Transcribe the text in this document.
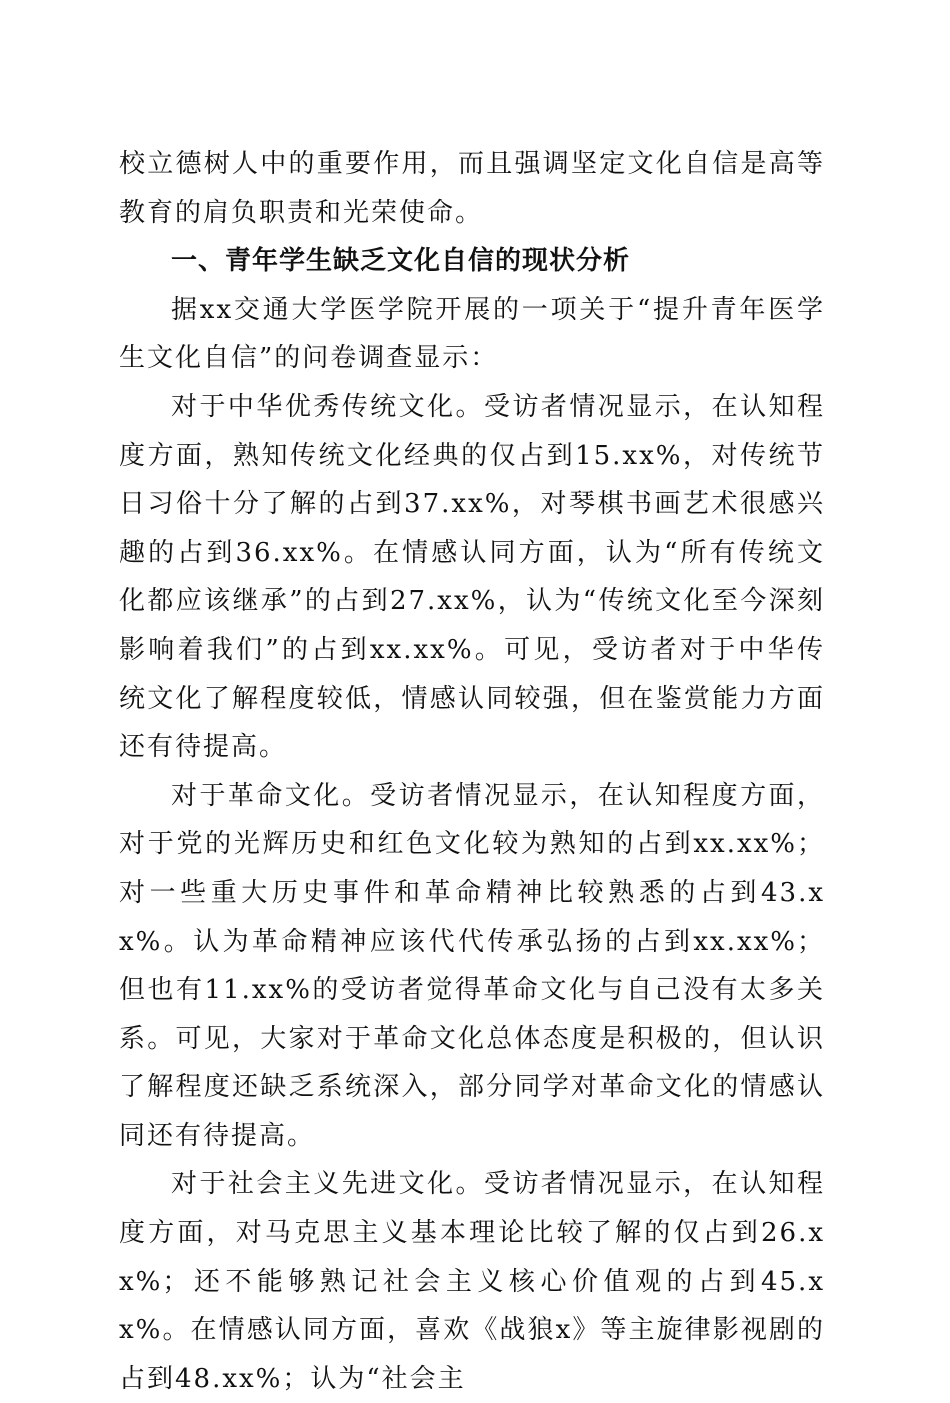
校立德树人中的重要作用，而且强调坚定文化自信是高等教育的肩负职责和光荣使命。

一、青年学生缺乏文化自信的现状分析

据xx交通大学医学院开展的一项关于“提升青年医学生文化自信”的问卷调查显示：

对于中华优秀传统文化。受访者情况显示，在认知程度方面，熟知传统文化经典的仅占到15.xx%，对传统节日习俗十分了解的占到37.xx%，对琴棋书画艺术很感兴趣的占到36.xx%。在情感认同方面，认为“所有传统文化都应该继承”的占到27.xx%，认为“传统文化至今深刻影响着我们”的占到xx.xx%。可见，受访者对于中华传统文化了解程度较低，情感认同较强，但在鉴赏能力方面还有待提高。

对于革命文化。受访者情况显示，在认知程度方面，对于党的光辉历史和红色文化较为熟知的占到xx.xx%；对一些重大历史事件和革命精神比较熟悉的占到43.xx%。认为革命精神应该代代传承弘扬的占到xx.xx%；但也有11.xx%的受访者觉得革命文化与自己没有太多关系。可见，大家对于革命文化总体态度是积极的，但认识了解程度还缺乏系统深入，部分同学对革命文化的情感认同还有待提高。

对于社会主义先进文化。受访者情况显示，在认知程度方面，对马克思主义基本理论比较了解的仅占到26.xx%；还不能够熟记社会主义核心价值观的占到45.xx%。在情感认同方面，喜欢《战狼x》等主旋律影视剧的占到48.xx%；认为“社会主
